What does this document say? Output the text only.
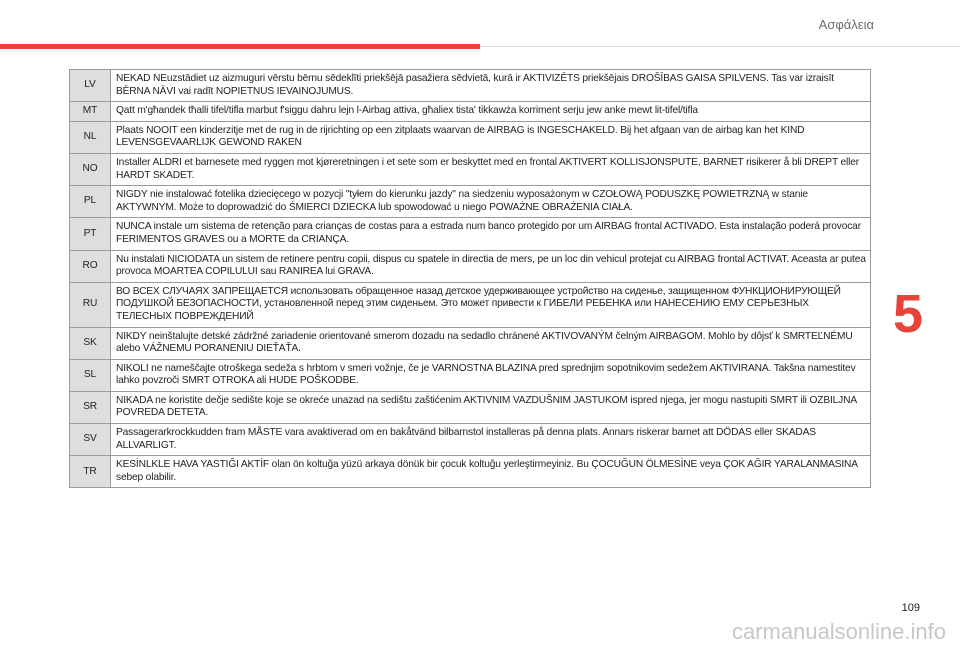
Ασφάλεια
5
LV	NEKAD NEuzstādiet uz aizmuguri vērstu bērnu sēdeklīti priekšējā pasažiera sēdvietā, kurā ir AKTIVIZĒTS priekšējais DROŠĪBAS GAISA SPILVENS. Tas var izraisīt BĒRNA NĀVI vai radīt NOPIETNUS IEVAINOJUMUS.
MT	Qatt m'għandek tħalli tifel/tifla marbut f'siggu dahru lejn l-Airbag attiva, għaliex tista' tikkawża korriment serju jew anke mewt lit-tifel/tifla
NL	Plaats NOOIT een kinderzitje met de rug in de rijrichting op een zitplaats waarvan de AIRBAG is INGESCHAKELD. Bij het afgaan van de airbag kan het KIND LEVENSGEVAARLIJK GEWOND RAKEN
NO	Installer ALDRI et barnesete med ryggen mot kjøreretningen i et sete som er beskyttet med en frontal AKTIVERT KOLLISJONSPUTE, BARNET risikerer å bli DREPT eller HARDT SKADET.
PL	NIGDY nie instalować fotelika dziecięcego w pozycji "tyłem do kierunku jazdy" na siedzeniu wyposażonym w CZOŁOWĄ PODUSZKĘ POWIETRZNĄ w stanie AKTYWNYM. Może to doprowadzić do ŚMIERCI DZIECKA lub spowodować u niego POWAŻNE OBRAŻENIA CIAŁA.
PT	NUNCA instale um sistema de retenção para crianças de costas para a estrada num banco protegido por um AIRBAG frontal ACTIVADO. Esta instalação poderá provocar FERIMENTOS GRAVES ou a MORTE da CRIANÇA.
RO	Nu instalati NICIODATA un sistem de retinere pentru copii, dispus cu spatele in directia de mers, pe un loc din vehicul protejat cu AIRBAG frontal ACTIVAT. Aceasta ar putea provoca MOARTEA COPILULUI sau RANIREA lui GRAVA.
RU	ВО ВСЕХ СЛУЧАЯХ ЗАПРЕЩАЕТСЯ использовать обращенное назад детское удерживающее устройство на сиденье, защищенном ФУНКЦИОНИРУЮЩЕЙ ПОДУШКОЙ БЕЗОПАСНОСТИ, установленной перед этим сиденьем. Это может привести к ГИБЕЛИ РЕБЕНКА или НАНЕСЕНИЮ ЕМУ СЕРЬЕЗНЫХ ТЕЛЕСНЫХ ПОВРЕЖДЕНИЙ
SK	NIKDY neinštalujte detské zádržné zariadenie orientované smerom dozadu na sedadlo chránené AKTIVOVANÝM čelným AIRBAGOM. Mohlo by dôjsť k SMRTEĽNÉMU alebo VÁŽNEMU PORANENIU DIEŤAŤA.
SL	NIKOLI ne nameščajte otroškega sedeža s hrbtom v smeri vožnje, če je VARNOSTNA BLAZINA pred sprednjim sopotnikovim sedežem AKTIVIRANA. Takšna namestitev lahko povzroči SMRT OTROKA ali HUDE POŠKODBE.
SR	NIKADA ne koristite dečje sedište koje se okreće unazad na sedištu zaštićenim AKTIVNIM VAZDUŠNIM JASTUKOM ispred njega, jer mogu nastupiti SMRT ili OZBILJNA POVREDA DETETA.
SV	Passagerarkrockkudden fram MÅSTE vara avaktiverad om en bakåtvänd bilbarnstol installeras på denna plats. Annars riskerar barnet att DÖDAS eller SKADAS ALLVARLIGT.
TR	KESİNLKLE HAVA YASTIĞI AKTİF olan ön koltuğa yüzü arkaya dönük bir çocuk koltuğu yerleştirmeyiniz. Bu ÇOCUĞUN ÖLMESİNE veya ÇOK AĞIR YARALANMASINA sebep olabilir.
109
carmanualsonline.info
